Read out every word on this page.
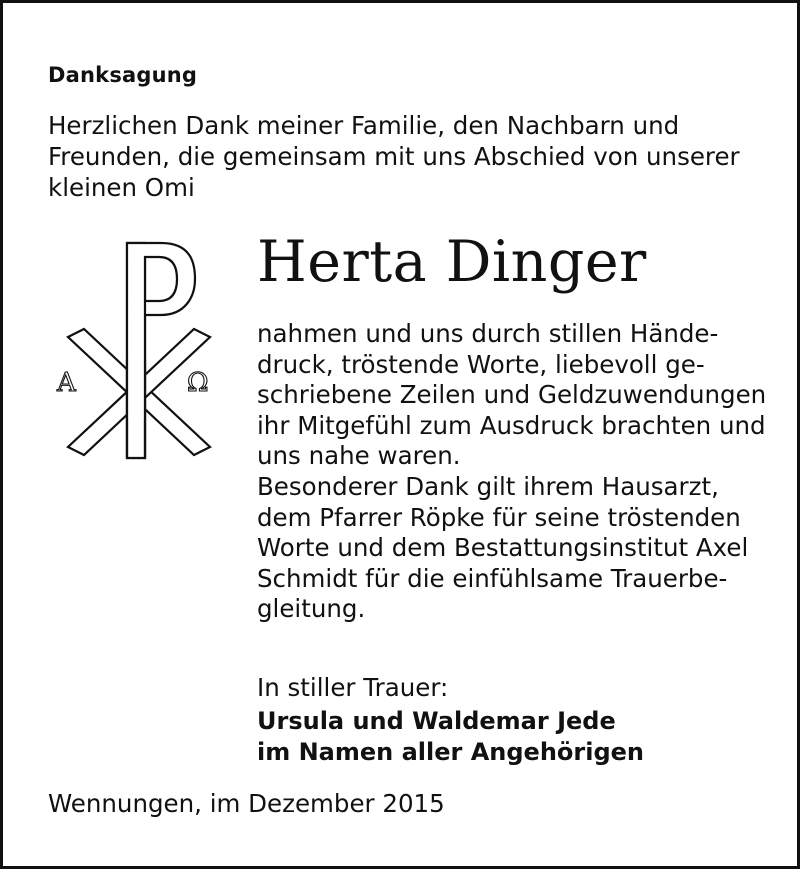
Danksagung

Herzlichen Dank meiner Familie, den Nachbarn und
Freunden, die gemeinsam mit uns Abschied von unserer
kleinen Omi

A	Ω
Herta Dinger

nahmen und uns durch stillen Hände-
druck, tröstende Worte, liebevoll ge-
schriebene Zeilen und Geldzuwendungen
ihr Mitgefühl zum Ausdruck brachten und
uns nahe waren.
Besonderer Dank gilt ihrem Hausarzt,
dem Pfarrer Röpke für seine tröstenden
Worte und dem Bestattungsinstitut Axel
Schmidt für die einfühlsame Trauerbe-
gleitung.

In stiller Trauer:
Ursula und Waldemar Jede
im Namen aller Angehörigen
Wennungen, im Dezember 2015
